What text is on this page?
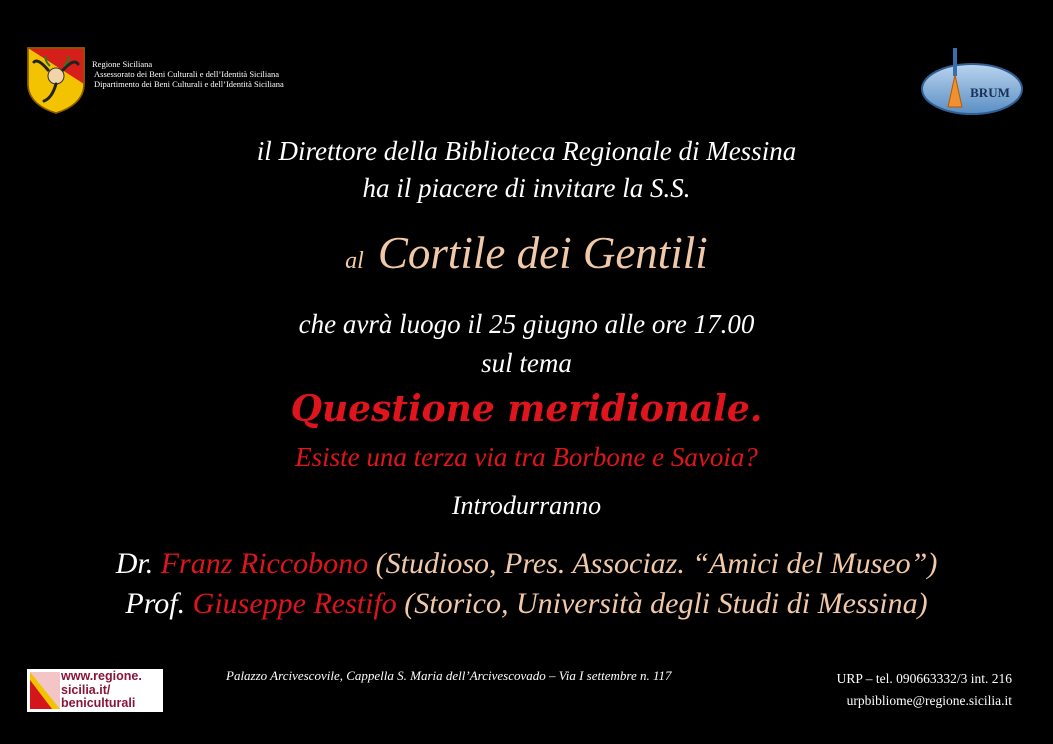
Regione Siciliana
Assessorato dei Beni Culturali e dell’Identità Siciliana
Dipartimento dei Beni Culturali e dell’Identità Siciliana
BRUM
il Direttore della Biblioteca Regionale di Messina
ha il piacere di invitare la S.S.
al Cortile dei Gentili
che avrà luogo il 25 giugno alle ore 17.00
sul tema
Questione meridionale.
Esiste una terza via tra Borbone e Savoia?
Introdurranno
Dr. Franz Riccobono (Studioso, Pres. Associaz. “Amici del Museo”)
Prof. Giuseppe Restifo (Storico, Università degli Studi di Messina)
www.regione.
sicilia.it/
beniculturali
Palazzo Arcivescovile, Cappella S. Maria dell’Arcivescovado – Via I settembre n. 117	URP – tel. 090663332/3 int. 216
urpbibliome@regione.sicilia.it
